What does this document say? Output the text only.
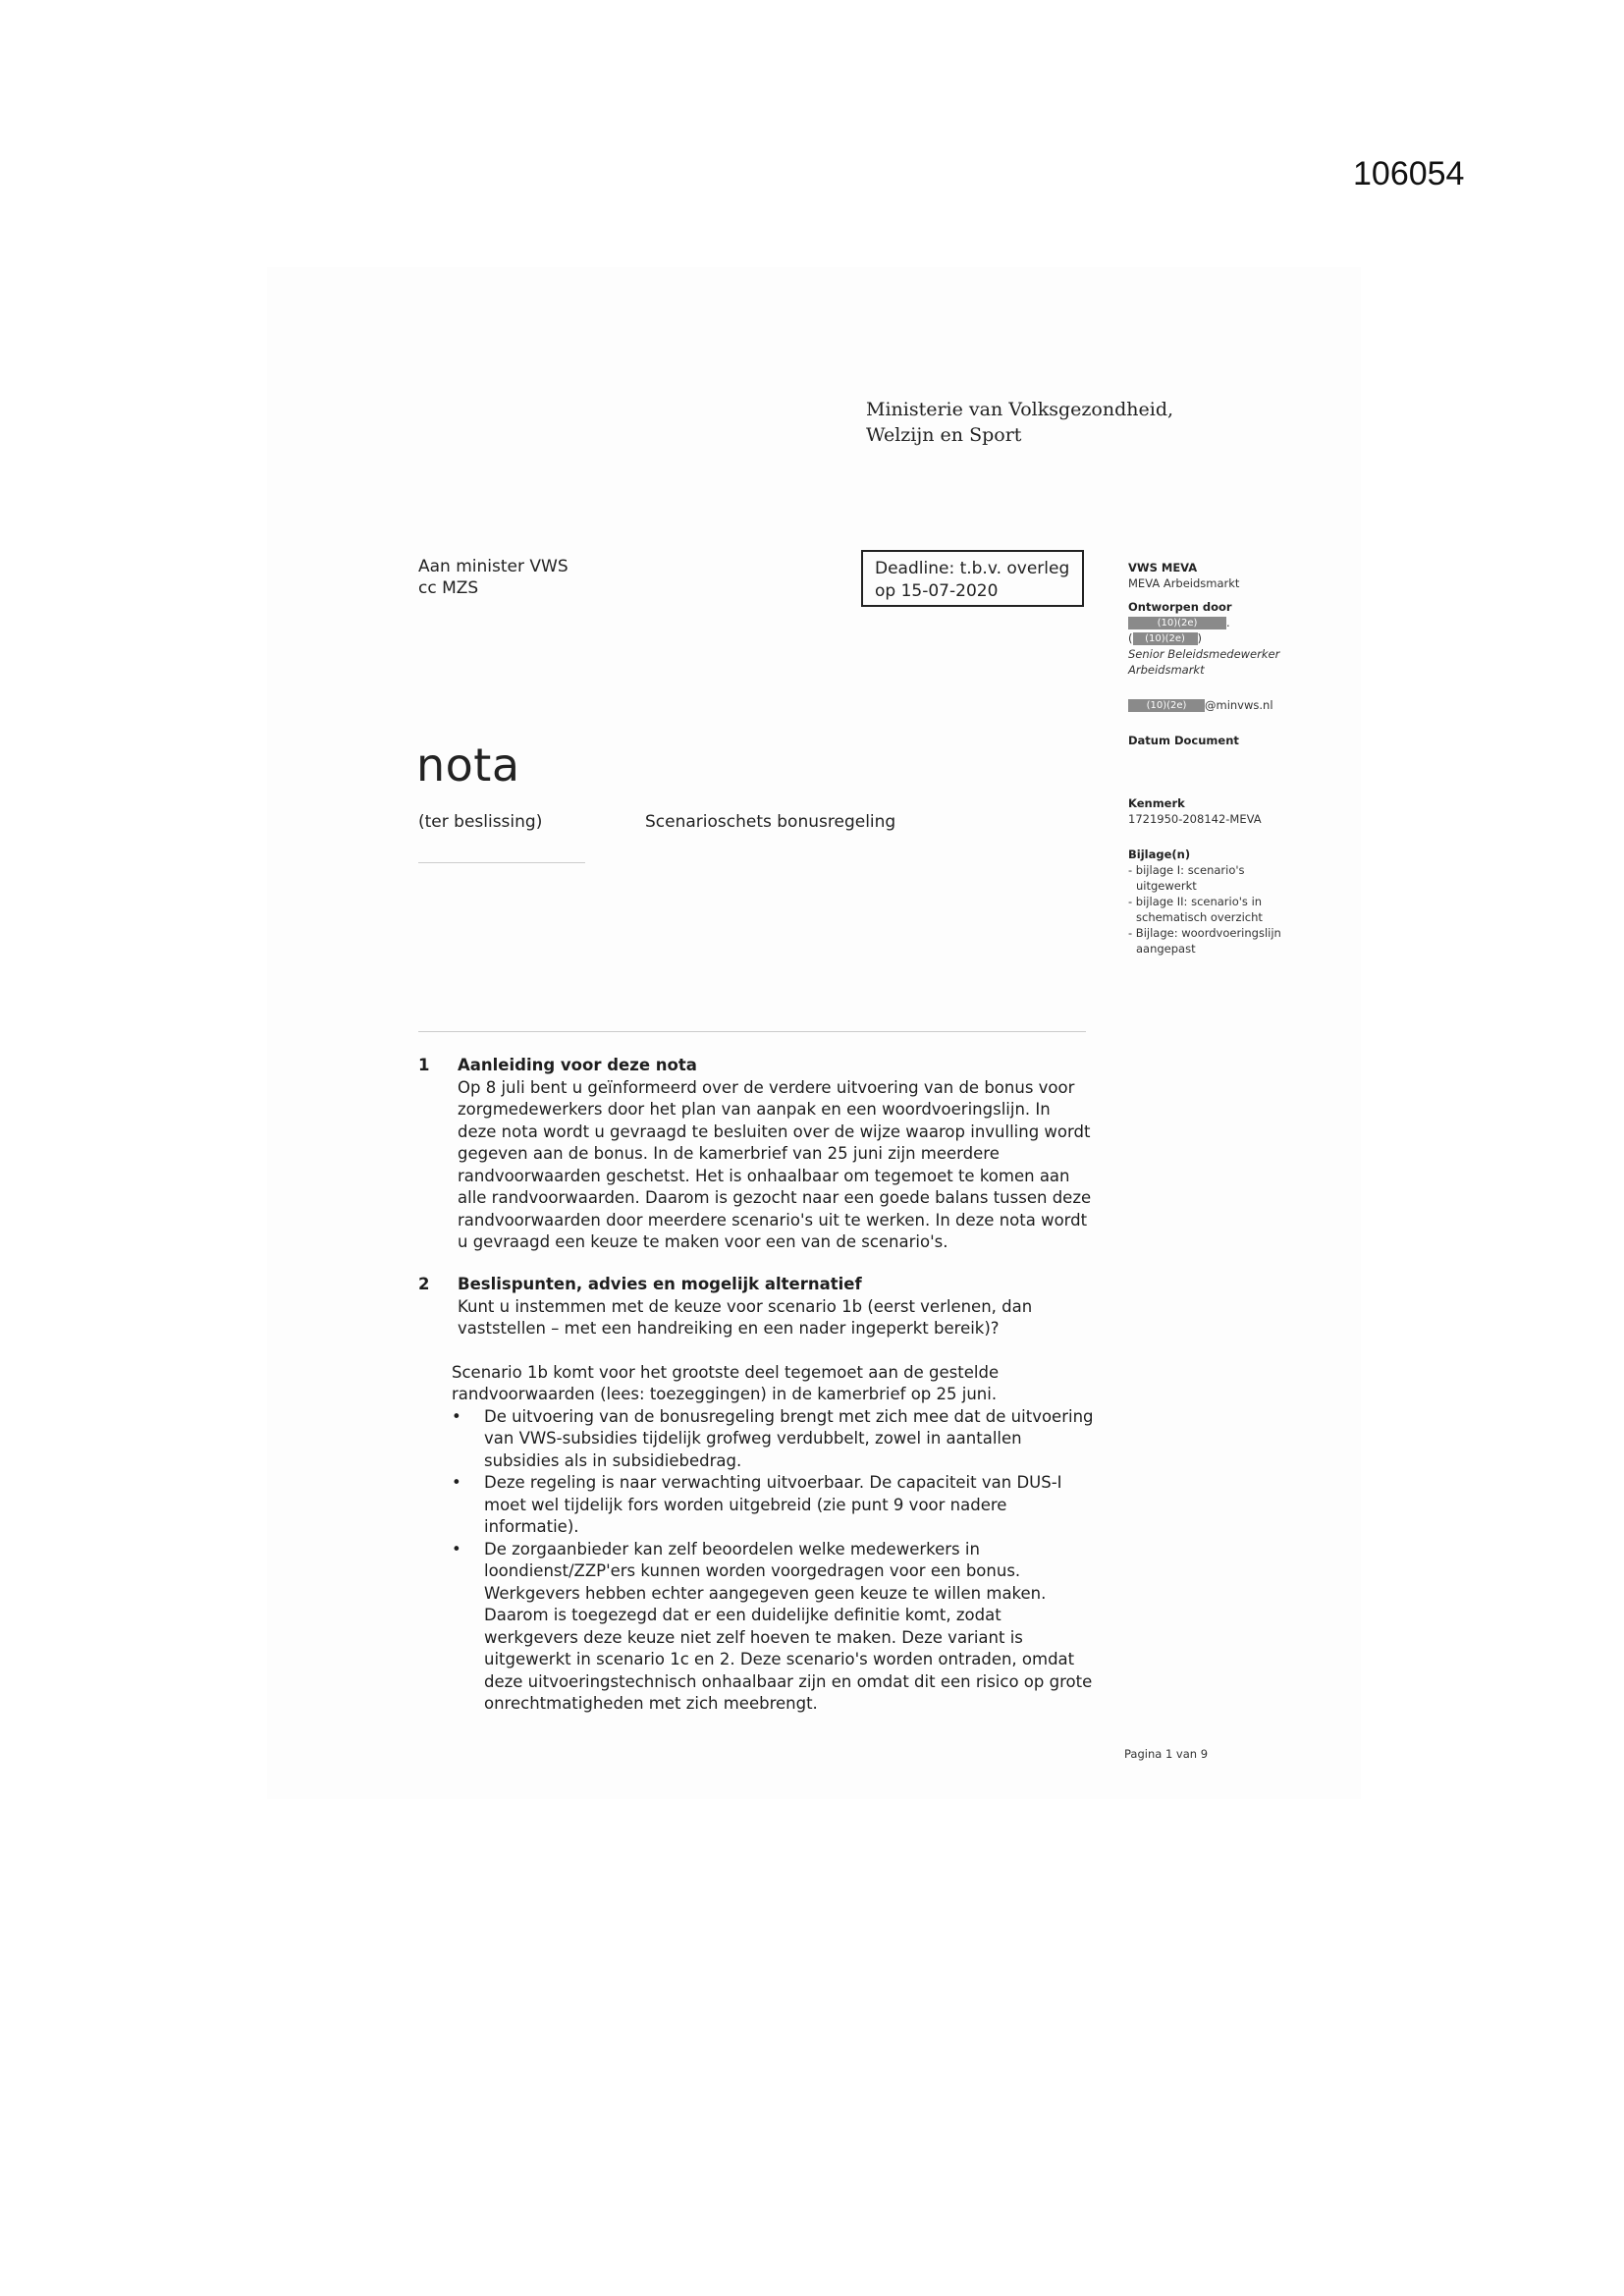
106054
Ministerie van Volksgezondheid,
Welzijn en Sport
Aan minister VWS
cc MZS
Deadline: t.b.v. overleg
op 15-07-2020
VWS MEVA
MEVA Arbeidsmarkt
Ontworpen door
(10)(2e)	.
( (10)(2e) )
Senior Beleidsmedewerker
Arbeidsmarkt
(10)(2e) @minvws.nl
Datum Document
Kenmerk
1721950-208142-MEVA
Bijlage(n)
- bijlage I: scenario's
uitgewerkt
- bijlage II: scenario's in
schematisch overzicht
- Bijlage: woordvoeringslijn
aangepast
nota
(ter beslissing)	Scenarioschets bonusregeling
1 Aanleiding voor deze nota
Op 8 juli bent u geïnformeerd over de verdere uitvoering van de bonus voor
zorgmedewerkers door het plan van aanpak en een woordvoeringslijn. In
deze nota wordt u gevraagd te besluiten over de wijze waarop invulling wordt
gegeven aan de bonus. In de kamerbrief van 25 juni zijn meerdere
randvoorwaarden geschetst. Het is onhaalbaar om tegemoet te komen aan
alle randvoorwaarden. Daarom is gezocht naar een goede balans tussen deze
randvoorwaarden door meerdere scenario's uit te werken. In deze nota wordt
u gevraagd een keuze te maken voor een van de scenario's.
2 Beslispunten, advies en mogelijk alternatief
Kunt u instemmen met de keuze voor scenario 1b (eerst verlenen, dan
vaststellen – met een handreiking en een nader ingeperkt bereik)?
Scenario 1b komt voor het grootste deel tegemoet aan de gestelde
randvoorwaarden (lees: toezeggingen) in de kamerbrief op 25 juni.
• De uitvoering van de bonusregeling brengt met zich mee dat de uitvoering
van VWS-subsidies tijdelijk grofweg verdubbelt, zowel in aantallen
subsidies als in subsidiebedrag.
• Deze regeling is naar verwachting uitvoerbaar. De capaciteit van DUS-I
moet wel tijdelijk fors worden uitgebreid (zie punt 9 voor nadere
informatie).
• De zorgaanbieder kan zelf beoordelen welke medewerkers in
loondienst/ZZP'ers kunnen worden voorgedragen voor een bonus.
Werkgevers hebben echter aangegeven geen keuze te willen maken.
Daarom is toegezegd dat er een duidelijke definitie komt, zodat
werkgevers deze keuze niet zelf hoeven te maken. Deze variant is
uitgewerkt in scenario 1c en 2. Deze scenario's worden ontraden, omdat
deze uitvoeringstechnisch onhaalbaar zijn en omdat dit een risico op grote
onrechtmatigheden met zich meebrengt.
Pagina 1 van 9
